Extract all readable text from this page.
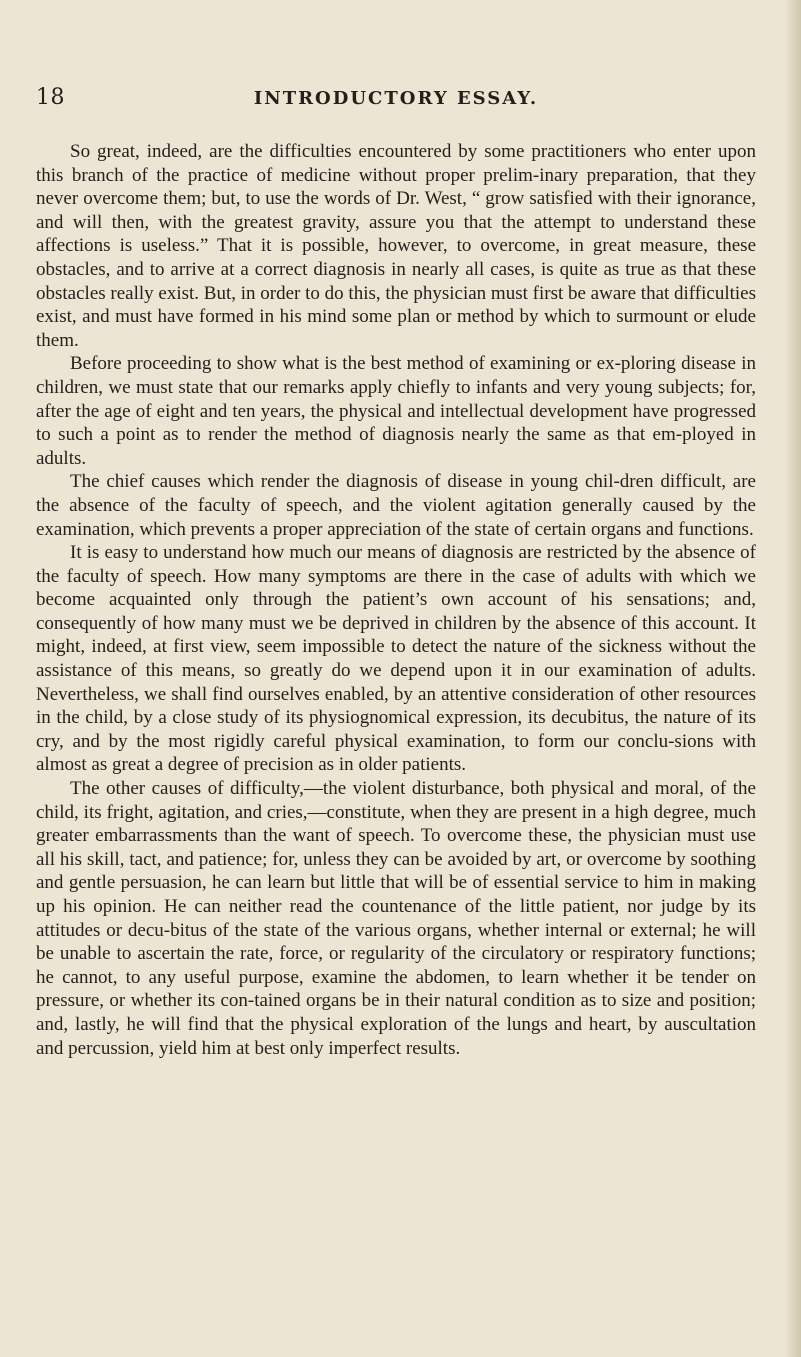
18	INTRODUCTORY ESSAY.

So great, indeed, are the difficulties encountered by some practitioners who enter upon this branch of the practice of medicine without proper prelim-inary preparation, that they never overcome them; but, to use the words of Dr. West, “ grow satisfied with their ignorance, and will then, with the greatest gravity, assure you that the attempt to understand these affections is useless.” That it is possible, however, to overcome, in great measure, these obstacles, and to arrive at a correct diagnosis in nearly all cases, is quite as true as that these obstacles really exist. But, in order to do this, the physician must first be aware that difficulties exist, and must have formed in his mind some plan or method by which to surmount or elude them.

Before proceeding to show what is the best method of examining or ex-ploring disease in children, we must state that our remarks apply chiefly to infants and very young subjects; for, after the age of eight and ten years, the physical and intellectual development have progressed to such a point as to render the method of diagnosis nearly the same as that em-ployed in adults.

The chief causes which render the diagnosis of disease in young chil-dren difficult, are the absence of the faculty of speech, and the violent agitation generally caused by the examination, which prevents a proper appreciation of the state of certain organs and functions.

It is easy to understand how much our means of diagnosis are restricted by the absence of the faculty of speech. How many symptoms are there in the case of adults with which we become acquainted only through the patient’s own account of his sensations; and, consequently of how many must we be deprived in children by the absence of this account. It might, indeed, at first view, seem impossible to detect the nature of the sickness without the assistance of this means, so greatly do we depend upon it in our examination of adults. Nevertheless, we shall find ourselves enabled, by an attentive consideration of other resources in the child, by a close study of its physiognomical expression, its decubitus, the nature of its cry, and by the most rigidly careful physical examination, to form our conclu-sions with almost as great a degree of precision as in older patients.

The other causes of difficulty,—the violent disturbance, both physical and moral, of the child, its fright, agitation, and cries,—constitute, when they are present in a high degree, much greater embarrassments than the want of speech. To overcome these, the physician must use all his skill, tact, and patience; for, unless they can be avoided by art, or overcome by soothing and gentle persuasion, he can learn but little that will be of essential service to him in making up his opinion. He can neither read the countenance of the little patient, nor judge by its attitudes or decu-bitus of the state of the various organs, whether internal or external; he will be unable to ascertain the rate, force, or regularity of the circulatory or respiratory functions; he cannot, to any useful purpose, examine the abdomen, to learn whether it be tender on pressure, or whether its con-tained organs be in their natural condition as to size and position; and, lastly, he will find that the physical exploration of the lungs and heart, by auscultation and percussion, yield him at best only imperfect results.
